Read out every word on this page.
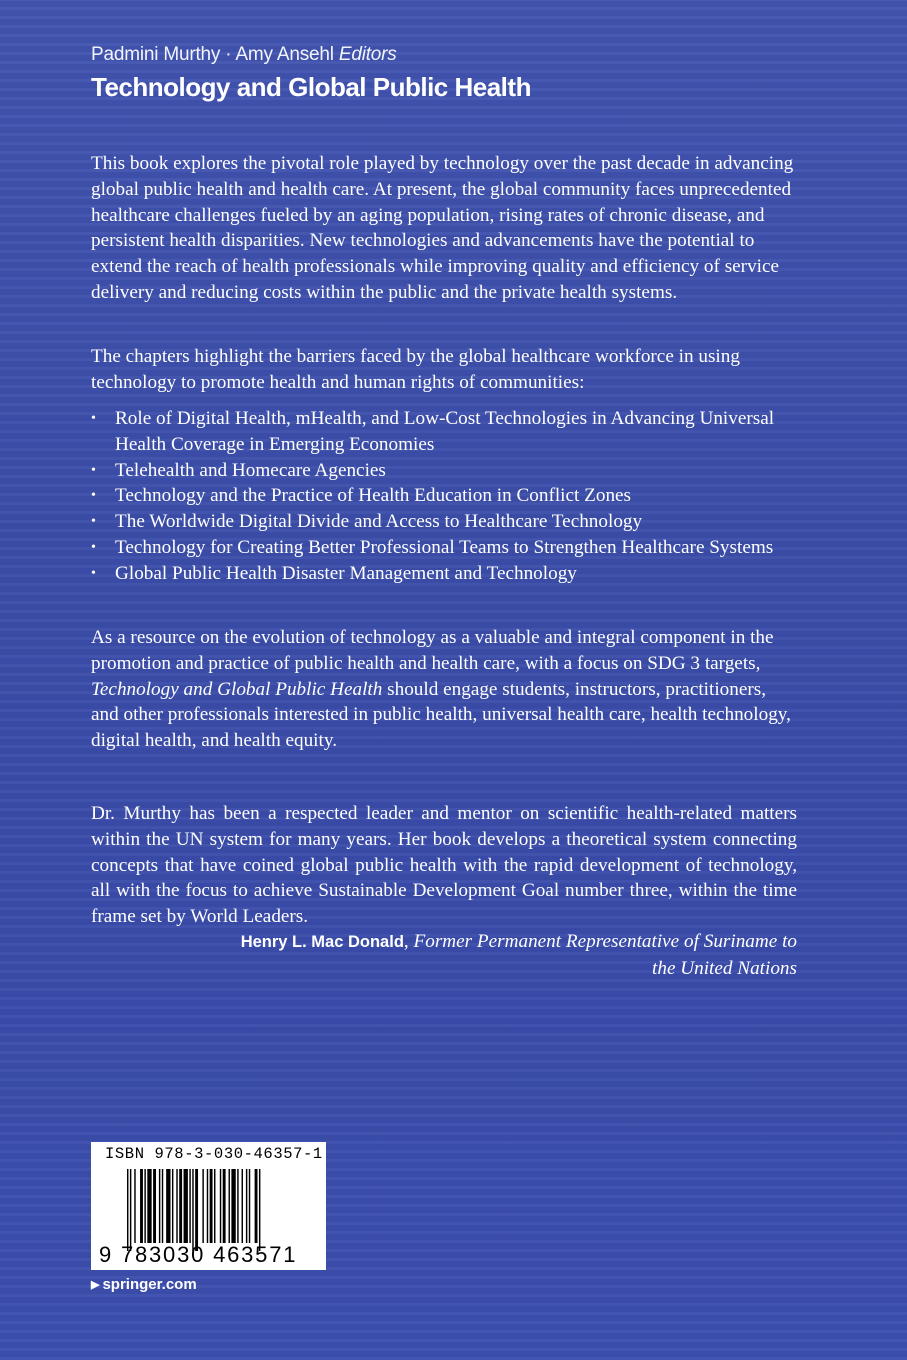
Padmini Murthy · Amy Ansehl Editors
Technology and Global Public Health

This book explores the pivotal role played by technology over the past decade in advancing global public health and health care. At present, the global community faces unprecedented healthcare challenges fueled by an aging population, rising rates of chronic disease, and persistent health disparities. New technologies and advancements have the potential to extend the reach of health professionals while improving quality and efficiency of service delivery and reducing costs within the public and the private health systems.

The chapters highlight the barriers faced by the global healthcare workforce in using technology to promote health and human rights of communities:

• Role of Digital Health, mHealth, and Low-Cost Technologies in Advancing Universal Health Coverage in Emerging Economies
• Telehealth and Homecare Agencies
• Technology and the Practice of Health Education in Conflict Zones
• The Worldwide Digital Divide and Access to Healthcare Technology
• Technology for Creating Better Professional Teams to Strengthen Healthcare Systems
• Global Public Health Disaster Management and Technology

As a resource on the evolution of technology as a valuable and integral component in the promotion and practice of public health and health care, with a focus on SDG 3 targets, Technology and Global Public Health should engage students, instructors, practitioners, and other professionals interested in public health, universal health care, health technology, digital health, and health equity.

Dr. Murthy has been a respected leader and mentor on scientific health-related matters within the UN system for many years. Her book develops a theoretical system connecting concepts that have coined global public health with the rapid development of technology, all with the focus to achieve Sustainable Development Goal number three, within the time frame set by World Leaders.

Henry L. Mac Donald, Former Permanent Representative of Suriname to the United Nations
ISBN 978-3-030-46357-1
9 783030 463571
▶ springer.com
